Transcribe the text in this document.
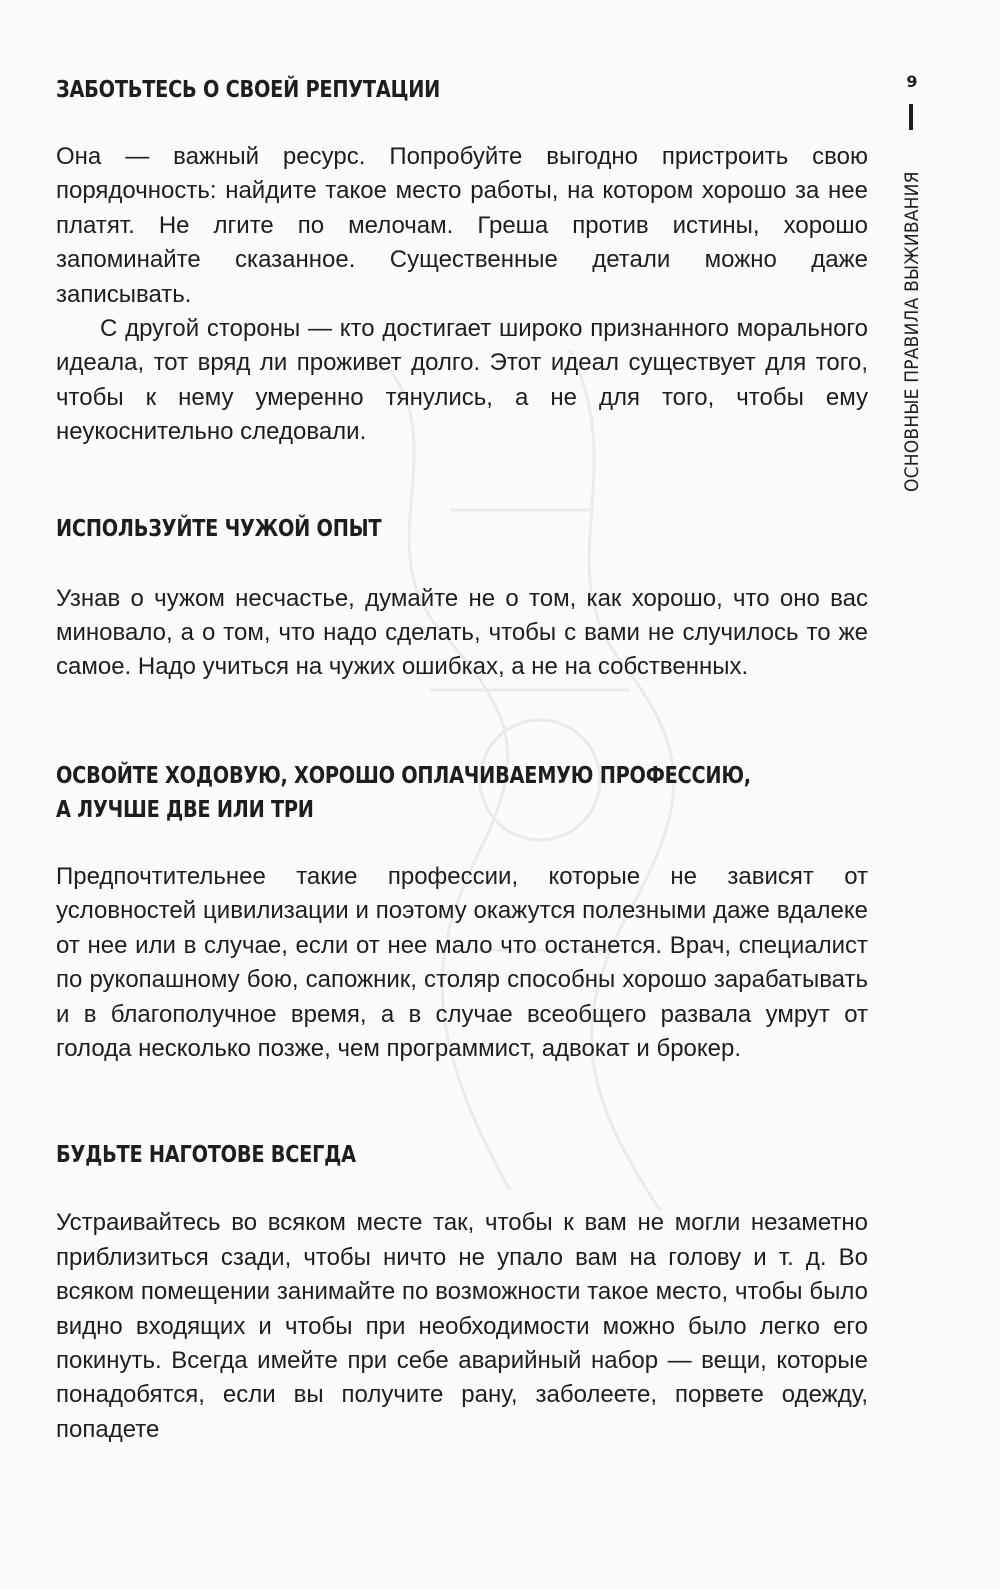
9
ОСНОВНЫЕ ПРАВИЛА ВЫЖИВАНИЯ
ЗАБОТЬТЕСЬ О СВОЕЙ РЕПУТАЦИИ

Она — важный ресурс. Попробуйте выгодно пристроить свою порядочность: найдите такое место работы, на котором хорошо за нее платят. Не лгите по мелочам. Греша против истины, хорошо запоминайте сказанное. Существенные детали можно даже записывать.

С другой стороны — кто достигает широко признанного морального идеала, тот вряд ли проживет долго. Этот идеал существует для того, чтобы к нему умеренно тянулись, а не для того, чтобы ему неукоснительно следовали.

ИСПОЛЬЗУЙТЕ ЧУЖОЙ ОПЫТ

Узнав о чужом несчастье, думайте не о том, как хорошо, что оно вас миновало, а о том, что надо сделать, чтобы с вами не случилось то же самое. Надо учиться на чужих ошибках, а не на собственных.

ОСВОЙТЕ ХОДОВУЮ, ХОРОШО ОПЛАЧИВАЕМУЮ ПРОФЕССИЮ,
А ЛУЧШЕ ДВЕ ИЛИ ТРИ

Предпочтительнее такие профессии, которые не зависят от условностей цивилизации и поэтому окажутся полезными даже вдалеке от нее или в случае, если от нее мало что останется. Врач, специалист по рукопашному бою, сапожник, столяр способны хорошо зарабатывать и в благополучное время, а в случае всеобщего развала умрут от голода несколько позже, чем программист, адвокат и брокер.

БУДЬТЕ НАГОТОВЕ ВСЕГДА

Устраивайтесь во всяком месте так, чтобы к вам не могли незаметно приблизиться сзади, чтобы ничто не упало вам на голову и т. д. Во всяком помещении занимайте по возможности такое место, чтобы было видно входящих и чтобы при необходимости можно было легко его покинуть. Всегда имейте при себе аварийный набор — вещи, которые понадобятся, если вы получите рану, заболеете, порвете одежду, попадете
